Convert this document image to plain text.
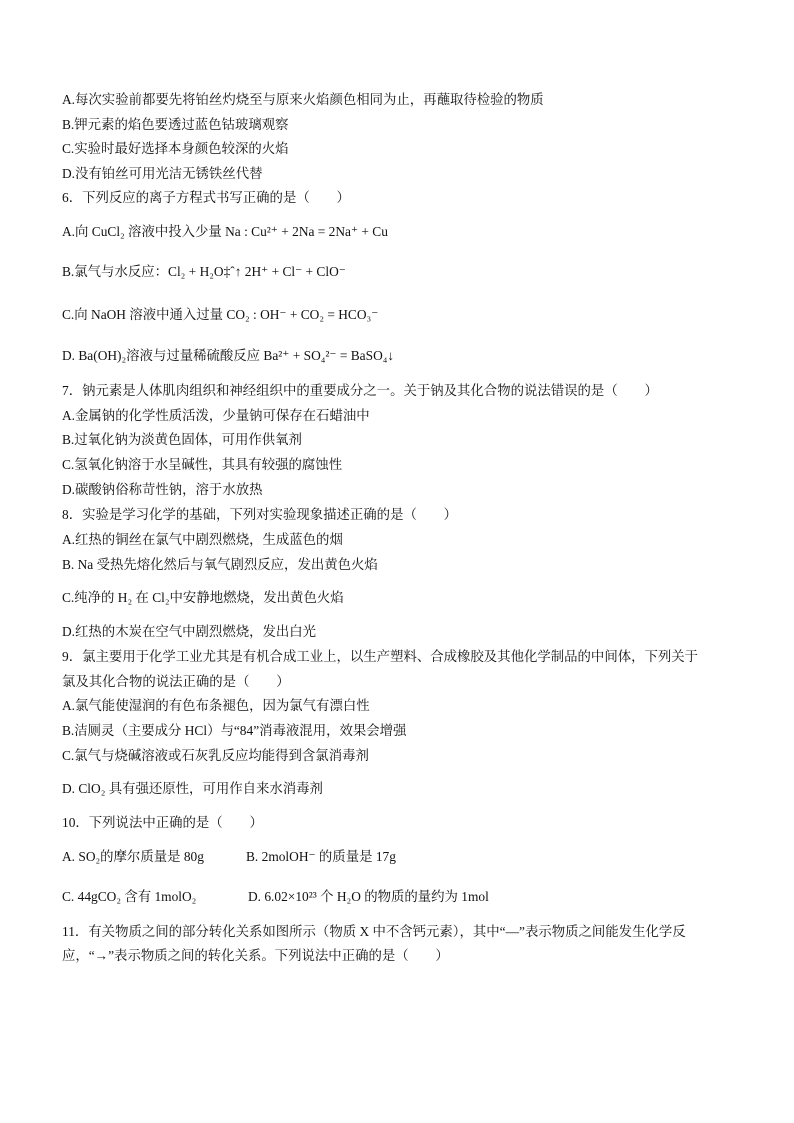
A.每次实验前都要先将铂丝灼烧至与原来火焰颜色相同为止，再蘸取待检验的物质
B.钾元素的焰色要透过蓝色钴玻璃观察
C.实验时最好选择本身颜色较深的火焰
D.没有铂丝可用光洁无锈铁丝代替
6．下列反应的离子方程式书写正确的是（　　）
A.向 CuCl₂ 溶液中投入少量 Na : Cu²⁺ + 2Na = 2Na⁺ + Cu
B.氯气与水反应：Cl₂ + H₂O‡ˆ↑ 2H⁺ + Cl⁻ + ClO⁻
C.向 NaOH 溶液中通入过量 CO₂ : OH⁻ + CO₂ = HCO₃⁻
D. Ba(OH)₂溶液与过量稀硫酸反应 Ba²⁺ + SO₄²⁻ = BaSO₄↓
7．钠元素是人体肌肉组织和神经组织中的重要成分之一。关于钠及其化合物的说法错误的是（　　）
A.金属钠的化学性质活泼，少量钠可保存在石蜡油中
B.过氧化钠为淡黄色固体，可用作供氧剂
C.氢氧化钠溶于水呈碱性，其具有较强的腐蚀性
D.碳酸钠俗称苛性钠，溶于水放热
8．实验是学习化学的基础，下列对实验现象描述正确的是（　　）
A.红热的铜丝在氯气中剧烈燃烧，生成蓝色的烟
B. Na 受热先熔化然后与氧气剧烈反应，发出黄色火焰
C.纯净的 H₂ 在 Cl₂中安静地燃烧，发出黄色火焰
D.红热的木炭在空气中剧烈燃烧，发出白光
9．氯主要用于化学工业尤其是有机合成工业上，以生产塑料、合成橡胶及其他化学制品的中间体，下列关于
氯及其化合物的说法正确的是（　　）
A.氯气能使湿润的有色布条褪色，因为氯气有漂白性
B.洁厕灵（主要成分 HCl）与“84”消毒液混用，效果会增强
C.氯气与烧碱溶液或石灰乳反应均能得到含氯消毒剂
D. ClO₂ 具有强还原性，可用作自来水消毒剂
10．下列说法中正确的是（　　）
A. SO₂的摩尔质量是 80g	B. 2molOH⁻ 的质量是 17g
C. 44gCO₂ 含有 1molO₂	D. 6.02×10²³ 个 H₂O 的物质的量约为 1mol
11．有关物质之间的部分转化关系如图所示（物质 X 中不含钙元素），其中“—”表示物质之间能发生化学反
应，“→”表示物质之间的转化关系。下列说法中正确的是（　　）
